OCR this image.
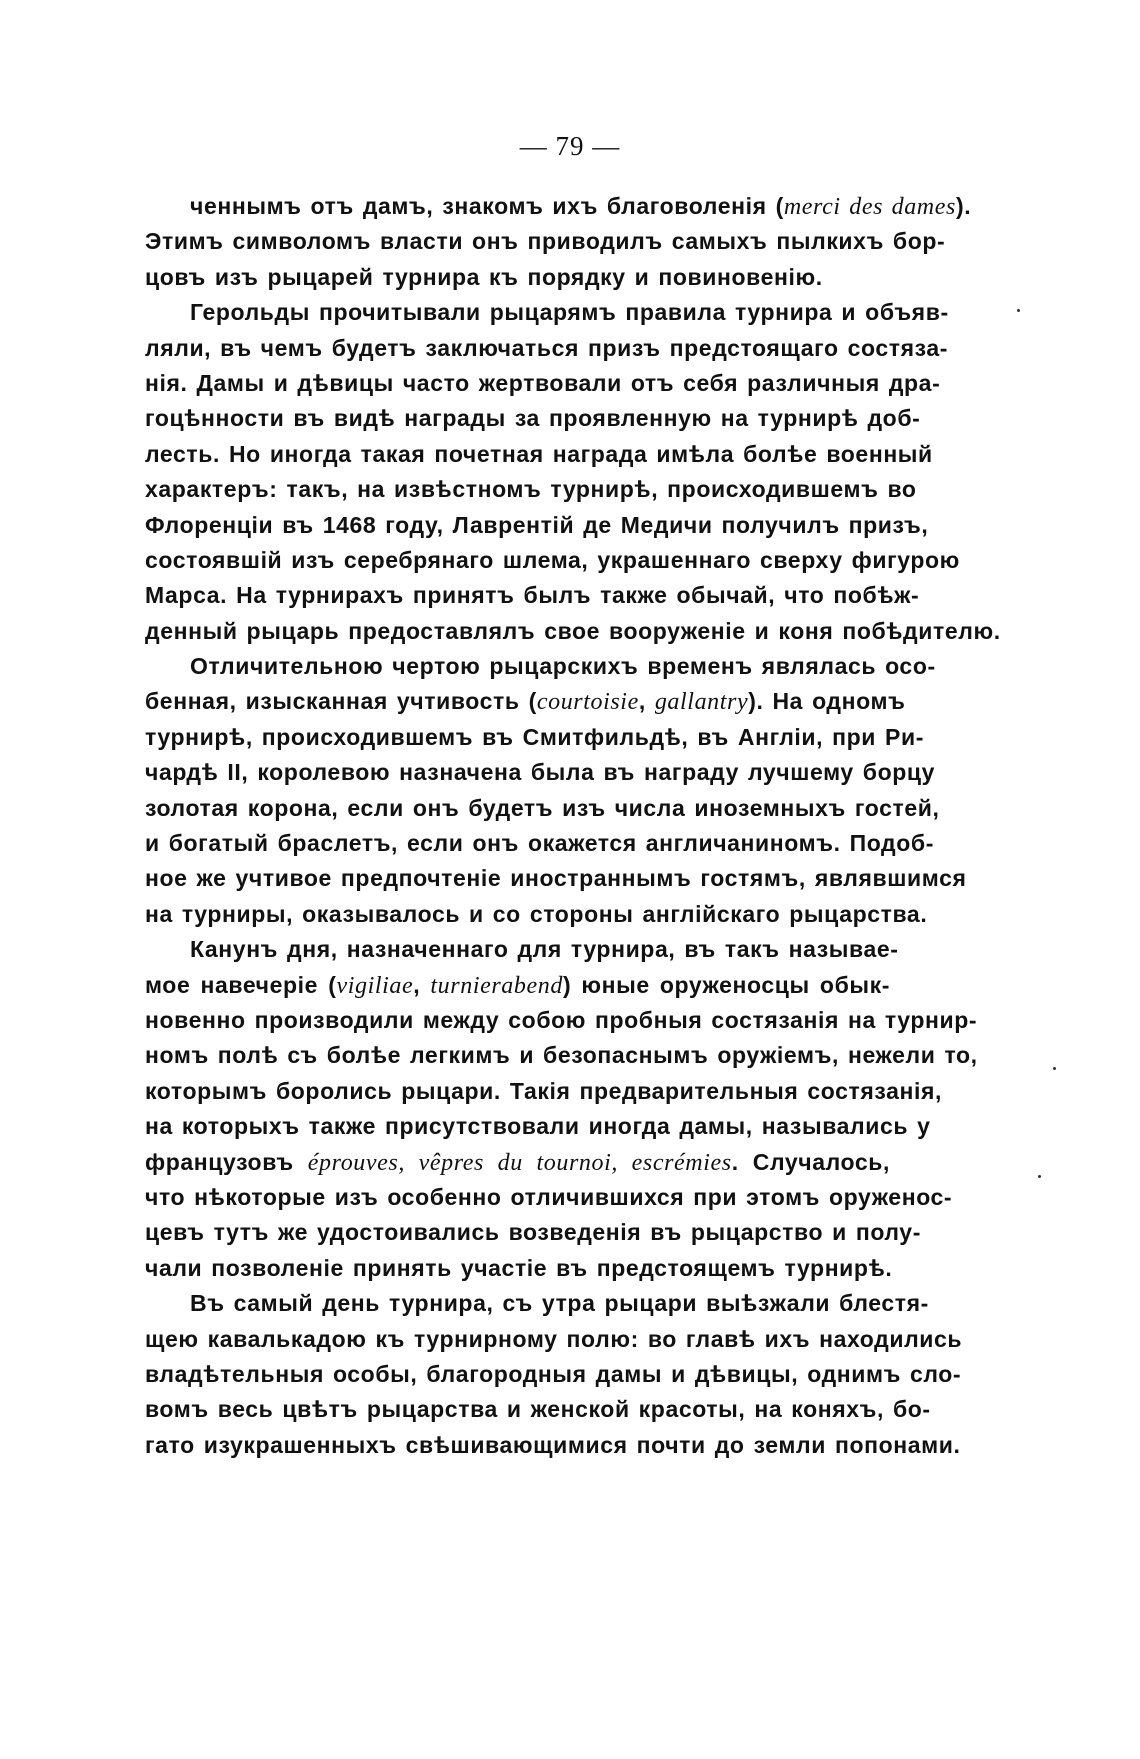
— 79 —
ченнымъ отъ дамъ, знакомъ ихъ благоволенія (merci des dames).
Этимъ символомъ власти онъ приводилъ самыхъ пылкихъ бор-
цовъ изъ рыцарей турнира къ порядку и повиновенію.
Герольды прочитывали рыцарямъ правила турнира и объяв-
ляли, въ чемъ будетъ заключаться призъ предстоящаго состяза-
нія. Дамы и дѣвицы часто жертвовали отъ себя различныя дра-
гоцѣнности въ видѣ награды за проявленную на турнирѣ доб-
лесть. Но иногда такая почетная награда имѣла болѣе военный
характеръ: такъ, на извѣстномъ турнирѣ, происходившемъ во
Флоренціи въ 1468 году, Лаврентій де Медичи получилъ призъ,
состоявшій изъ серебрянаго шлема, украшеннаго сверху фигурою
Марса. На турнирахъ принятъ былъ также обычай, что побѣж-
денный рыцарь предоставлялъ свое вооруженіе и коня побѣдителю.
Отличительною чертою рыцарскихъ временъ являлась осо-
бенная, изысканная учтивость (courtoisie, gallantry). На одномъ
турнирѣ, происходившемъ въ Смитфильдѣ, въ Англіи, при Ри-
чардѣ II, королевою назначена была въ награду лучшему борцу
золотая корона, если онъ будетъ изъ числа иноземныхъ гостей,
и богатый браслетъ, если онъ окажется англичаниномъ. Подоб-
ное же учтивое предпочтеніе иностраннымъ гостямъ, являвшимся
на турниры, оказывалось и со стороны англійскаго рыцарства.
Канунъ дня, назначеннаго для турнира, въ такъ называе-
мое навечеріе (vigiliae, turnierabend) юные оруженосцы обык-
новенно производили между собою пробныя состязанія на турнир-
номъ полѣ съ болѣе легкимъ и безопаснымъ оружіемъ, нежели то,
которымъ боролись рыцари. Такія предварительныя состязанія,
на которыхъ также присутствовали иногда дамы, назывались у
французовъ éprouves, vêpres du tournoi, escrémies. Случалось,
что нѣкоторые изъ особенно отличившихся при этомъ оруженос-
цевъ тутъ же удостоивались возведенія въ рыцарство и полу-
чали позволеніе принять участіе въ предстоящемъ турнирѣ.
Въ самый день турнира, съ утра рыцари выѣзжали блестя-
щею кавалькадою къ турнирному полю: во главѣ ихъ находились
владѣтельныя особы, благородныя дамы и дѣвицы, однимъ сло-
вомъ весь цвѣтъ рыцарства и женской красоты, на коняхъ, бо-
гато изукрашенныхъ свѣшивающимися почти до земли попонами.
